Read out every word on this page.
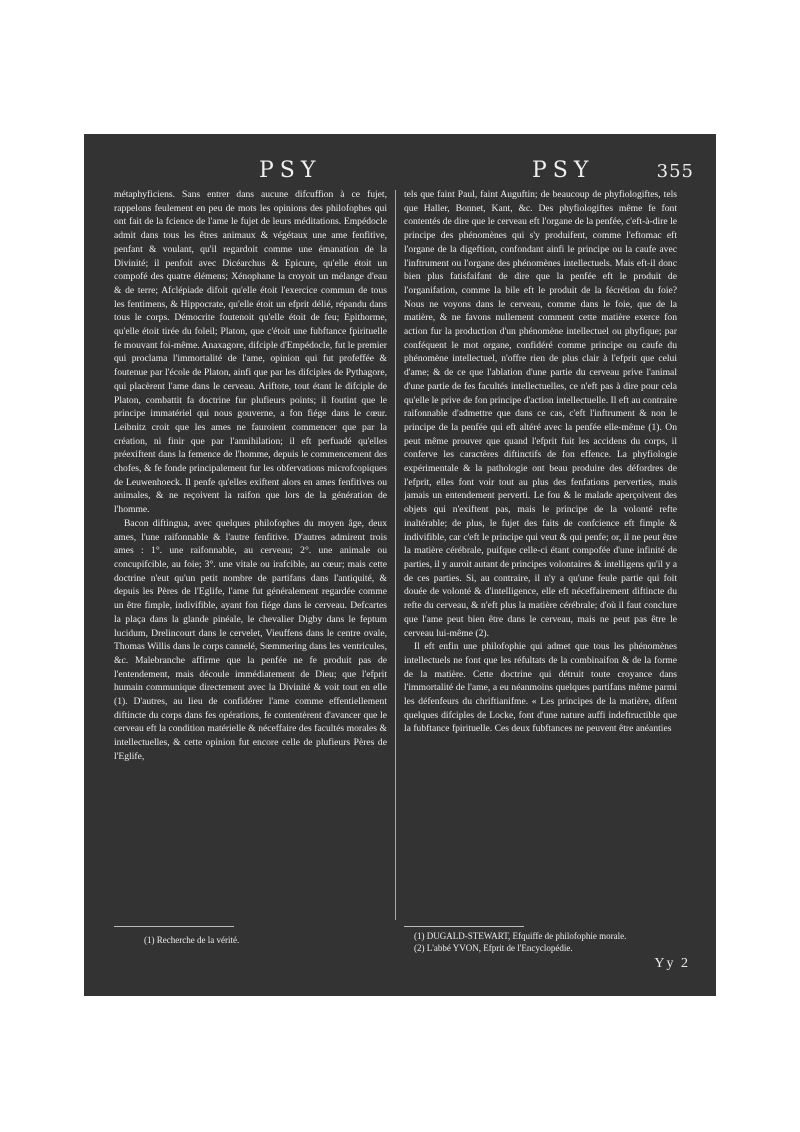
PSY	PSY	355

métaphyficiens. Sans entrer dans aucune difcuffion à ce fujet, rappelons feulement en peu de mots les opinions des philofophes qui ont fait de la fcience de l'ame le fujet de leurs méditations. Empédocle admit dans tous les êtres animaux & végétaux une ame fenfitive, penfant & voulant, qu'il regardoit comme une émanation de la Divinité; il penfoit avec Dicéarchus & Epicure, qu'elle étoit un compofé des quatre élémens; Xénophane la croyoit un mélange d'eau & de terre; Afclépiade difoit qu'elle étoit l'exercice commun de tous les fentimens, & Hippocrate, qu'elle étoit un efprit délié, répandu dans tous le corps. Démocrite foutenoit qu'elle étoit de feu; Epithorme, qu'elle étoit tirée du foleil; Platon, que c'étoit une fubftance fpirituelle fe mouvant foi-même. Anaxagore, difciple d'Empédocle, fut le premier qui proclama l'immortalité de l'ame, opinion qui fut profeffée & foutenue par l'école de Platon, ainfi que par les difciples de Pythagore, qui placèrent l'ame dans le cerveau. Ariftote, tout étant le difciple de Platon, combattit fa doctrine fur plufieurs points; il foutint que le principe immatériel qui nous gouverne, a fon fiége dans le cœur. Leibnitz croit que les ames ne fauroient commencer que par la création, ni finir que par l'annihilation; il eft perfuadé qu'elles préexiftent dans la femence de l'homme, depuis le commencement des chofes, & fe fonde principalement fur les obfervations microfcopiques de Leuwenhoeck. Il penfe qu'elles exiftent alors en ames fenfitives ou animales, & ne reçoivent la raifon que lors de la génération de l'homme.

Bacon diftingua, avec quelques philofophes du moyen âge, deux ames, l'une raifonnable & l'autre fenfitive. D'autres admirent trois ames : 1°. une raifonnable, au cerveau; 2°. une animale ou concupifcible, au foie; 3°. une vitale ou irafcible, au cœur; mais cette doctrine n'eut qu'un petit nombre de partifans dans l'antiquité, & depuis les Pères de l'Eglife, l'ame fut généralement regardée comme un être fimple, indivifible, ayant fon fiége dans le cerveau. Defcartes la plaça dans la glande pinéale, le chevalier Digby dans le feptum lucidum, Drelincourt dans le cervelet, Vieuffens dans le centre ovale, Thomas Willis dans le corps cannelé, Sœmmering dans les ventricules, &c. Malebranche affirme que la penfée ne fe produit pas de l'entendement, mais découle immédiatement de Dieu; que l'efprit humain communique directement avec la Divinité & voit tout en elle (1). D'autres, au lieu de confidérer l'ame comme effentiellement diftincte du corps dans fes opérations, fe contentèrent d'avancer que le cerveau eft la condition matérielle & néceffaire des facultés morales & intellectuelles, & cette opinion fut encore celle de plufieurs Pères de l'Eglife,

tels que faint Paul, faint Auguftin; de beaucoup de phyfiologiftes, tels que Haller, Bonnet, Kant, &c. Des phyfiologiftes même fe font contentés de dire que le cerveau eft l'organe de la penfée, c'eft-à-dire le principe des phénomènes qui s'y produifent, comme l'eftomac eft l'organe de la digeftion, confondant ainfi le principe ou la caufe avec l'inftrument ou l'organe des phénomènes intellectuels. Mais eft-il donc bien plus fatisfaifant de dire que la penfée eft le produit de l'organifation, comme la bile eft le produit de la fécrétion du foie? Nous ne voyons dans le cerveau, comme dans le foie, que de la matière, & ne favons nullement comment cette matière exerce fon action fur la production d'un phénomène intellectuel ou phyfique; par conféquent le mot organe, confidéré comme principe ou caufe du phénomène intellectuel, n'offre rien de plus clair à l'efprit que celui d'ame; & de ce que l'ablation d'une partie du cerveau prive l'animal d'une partie de fes facultés intellectuelles, ce n'eft pas à dire pour cela qu'elle le prive de fon principe d'action intellectuelle. Il eft au contraire raifonnable d'admettre que dans ce cas, c'eft l'inftrument & non le principe de la penfée qui eft altéré avec la penfée elle-même (1). On peut même prouver que quand l'efprit fuit les accidens du corps, il conferve les caractères diftinctifs de fon effence. La phyfiologie expérimentale & la pathologie ont beau produire des défordres de l'efprit, elles font voir tout au plus des fenfations perverties, mais jamais un entendement perverti. Le fou & le malade aperçoivent des objets qui n'exiftent pas, mais le principe de la volonté refte inaltérable; de plus, le fujet des faits de confcience eft fimple & indivifible, car c'eft le principe qui veut & qui penfe; or, il ne peut être la matière cérébrale, puifque celle-ci étant compofée d'une infinité de parties, il y auroit autant de principes volontaires & intelligens qu'il y a de ces parties. Si, au contraire, il n'y a qu'une feule partie qui foit douée de volonté & d'intelligence, elle eft néceffairement diftincte du refte du cerveau, & n'eft plus la matière cérébrale; d'où il faut conclure que l'ame peut bien être dans le cerveau, mais ne peut pas être le cerveau lui-même (2).

Il eft enfin une philofophie qui admet que tous les phénomènes intellectuels ne font que les réfultats de la combinaifon & de la forme de la matière. Cette doctrine qui détruit toute croyance dans l'immortalité de l'ame, a eu néanmoins quelques partifans même parmi les défenfeurs du chriftianifme. « Les principes de la matière, difent quelques difciples de Locke, font d'une nature auffi indeftructible que la fubftance fpirituelle. Ces deux fubftances ne peuvent être anéanties

(1) Recherche de la vérité.	(1) DUGALD-STEWART, Efquiffe de philofophie morale.
(2) L'abbé YVON, Efprit de l'Encyclopédie.
Yy 2
